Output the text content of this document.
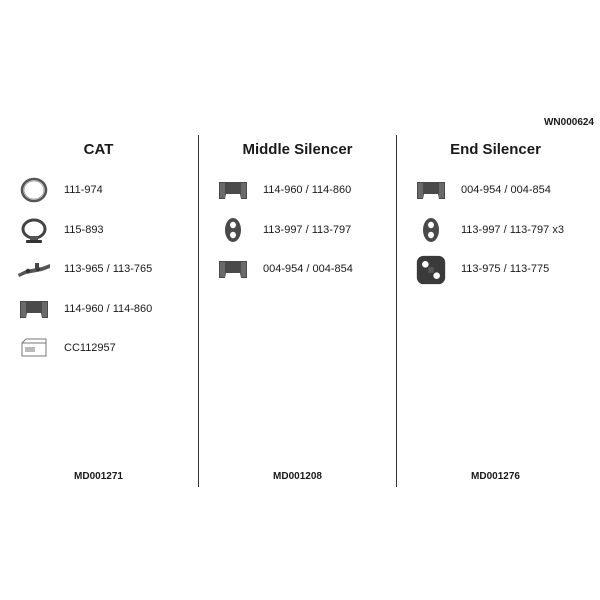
WN000624
CAT
111-974
115-893
113-965 / 113-765
114-960 / 114-860
CC112957
MD001271
Middle Silencer
114-960 / 114-860
113-997 / 113-797
004-954 / 004-854
MD001208
End Silencer
004-954 / 004-854
113-997 / 113-797 x3
113-975 / 113-775
MD001276
